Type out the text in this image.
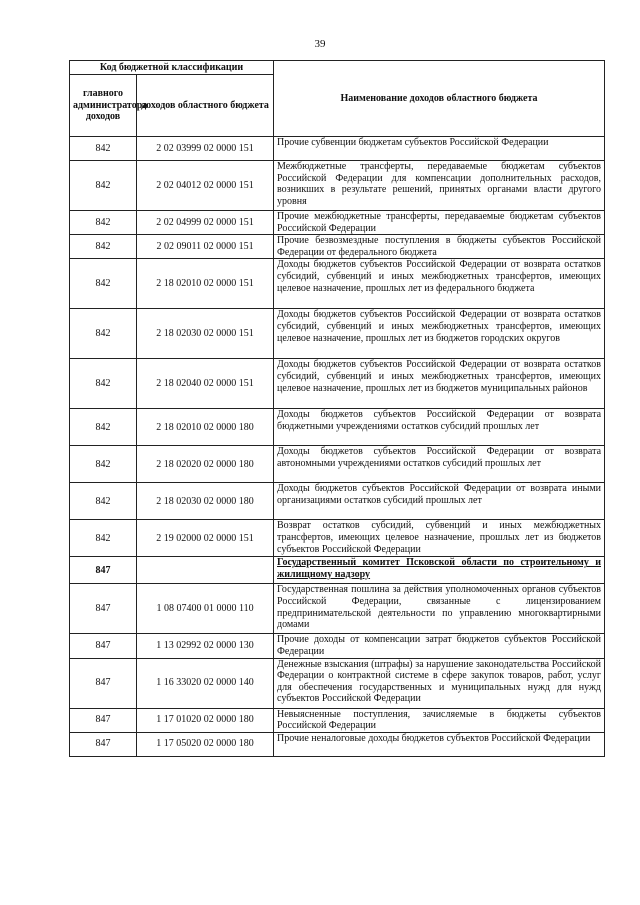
39
Код бюджетной классификации		Наименование доходов областного бюджета
главного администратора доходов	доходов областного бюджета	
842	2 02 03999 02 0000 151	Прочие субвенции бюджетам субъектов Российской Федерации
842	2 02 04012 02 0000 151	Межбюджетные трансферты, передаваемые бюджетам субъектов Российской Федерации для компенсации дополнительных расходов, возникших в результате решений, принятых органами власти другого уровня
842	2 02 04999 02 0000 151	Прочие межбюджетные трансферты, передаваемые бюджетам субъектов Российской Федерации
842	2 02 09011 02 0000 151	Прочие безвозмездные поступления в бюджеты субъектов Российской Федерации от федерального бюджета
842	2 18 02010 02 0000 151	Доходы бюджетов субъектов Российской Федерации от возврата остатков субсидий, субвенций и иных межбюджетных трансфертов, имеющих целевое назначение, прошлых лет из федерального бюджета
842	2 18 02030 02 0000 151	Доходы бюджетов субъектов Российской Федерации от возврата остатков субсидий, субвенций и иных межбюджетных трансфертов, имеющих целевое назначение, прошлых лет из бюджетов городских округов
842	2 18 02040 02 0000 151	Доходы бюджетов субъектов Российской Федерации от возврата остатков субсидий, субвенций и иных межбюджетных трансфертов, имеющих целевое назначение, прошлых лет из бюджетов муниципальных районов
842	2 18 02010 02 0000 180	Доходы бюджетов субъектов Российской Федерации от возврата бюджетными учреждениями остатков субсидий прошлых лет
842	2 18 02020 02 0000 180	Доходы бюджетов субъектов Российской Федерации от возврата автономными учреждениями остатков субсидий прошлых лет
842	2 18 02030 02 0000 180	Доходы бюджетов субъектов Российской Федерации от возврата иными организациями остатков субсидий прошлых лет
842	2 19 02000 02 0000 151	Возврат остатков субсидий, субвенций и иных межбюджетных трансфертов, имеющих целевое назначение, прошлых лет из бюджетов субъектов Российской Федерации
847		Государственный комитет Псковской области по строительному и жилищному надзору
847	1 08 07400 01 0000 110	Государственная пошлина за действия уполномоченных органов субъектов Российской Федерации, связанные с лицензированием предпринимательской деятельности по управлению многоквартирными домами
847	1 13 02992 02 0000 130	Прочие доходы от компенсации затрат бюджетов субъектов Российской Федерации
847	1 16 33020 02 0000 140	Денежные взыскания (штрафы) за нарушение законодательства Российской Федерации о контрактной системе в сфере закупок товаров, работ, услуг для обеспечения государственных и муниципальных нужд для нужд субъектов Российской Федерации
847	1 17 01020 02 0000 180	Невыясненные поступления, зачисляемые в бюджеты субъектов Российской Федерации
847	1 17 05020 02 0000 180	Прочие неналоговые доходы бюджетов субъектов Российской Федерации
